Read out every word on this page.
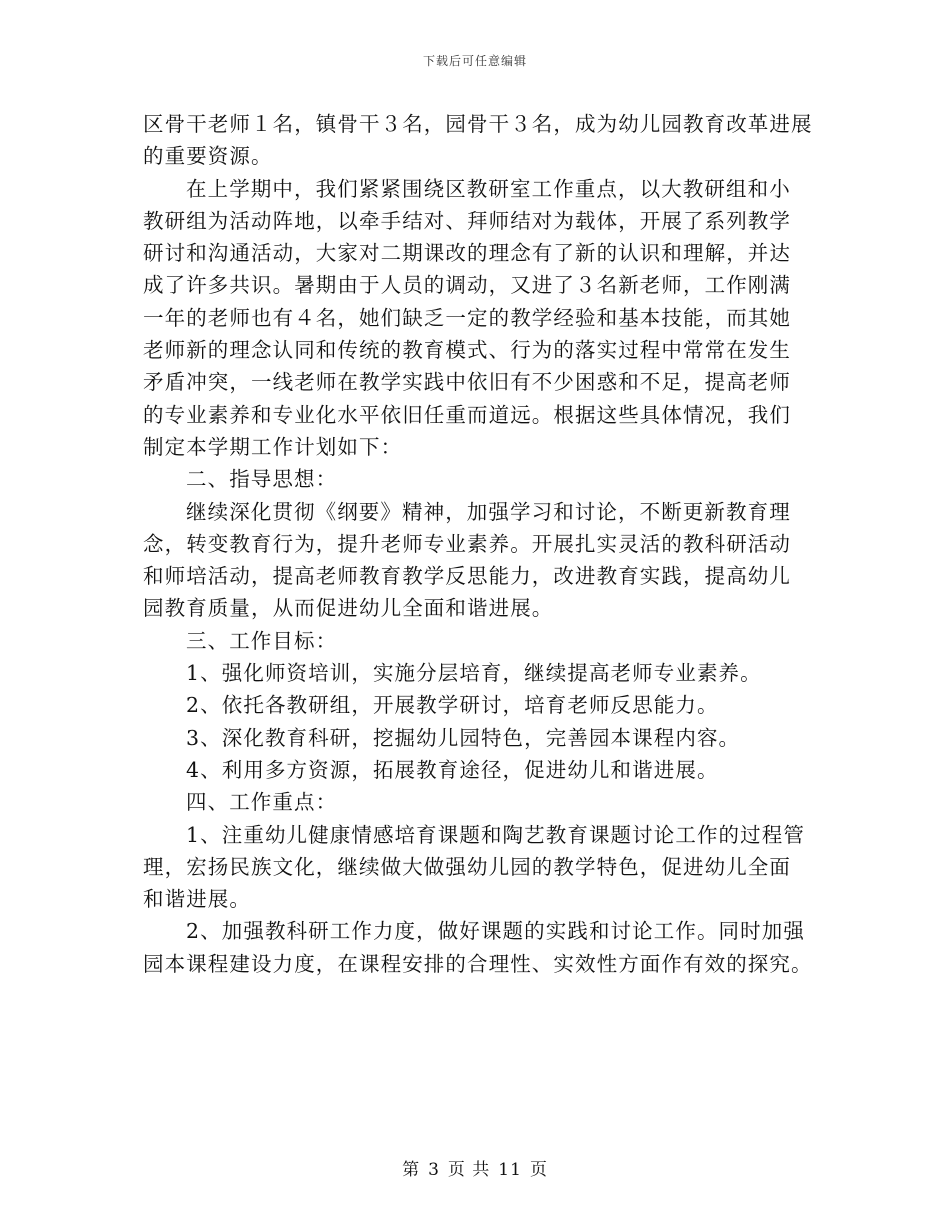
下载后可任意编辑

区骨干老师１名，镇骨干３名，园骨干３名，成为幼儿园教育改革进展
的重要资源。

在上学期中，我们紧紧围绕区教研室工作重点，以大教研组和小
教研组为活动阵地，以牵手结对、拜师结对为载体，开展了系列教学
研讨和沟通活动，大家对二期课改的理念有了新的认识和理解，并达
成了许多共识。暑期由于人员的调动，又进了３名新老师，工作刚满
一年的老师也有４名，她们缺乏一定的教学经验和基本技能，而其她
老师新的理念认同和传统的教育模式、行为的落实过程中常常在发生
矛盾冲突，一线老师在教学实践中依旧有不少困惑和不足，提高老师
的专业素养和专业化水平依旧任重而道远。根据这些具体情况，我们
制定本学期工作计划如下：

二、指导思想：

继续深化贯彻《纲要》精神，加强学习和讨论，不断更新教育理
念，转变教育行为，提升老师专业素养。开展扎实灵活的教科研活动
和师培活动，提高老师教育教学反思能力，改进教育实践，提高幼儿
园教育质量，从而促进幼儿全面和谐进展。

三、工作目标：

1、强化师资培训，实施分层培育，继续提高老师专业素养。

2、依托各教研组，开展教学研讨，培育老师反思能力。

3、深化教育科研，挖掘幼儿园特色，完善园本课程内容。

4、利用多方资源，拓展教育途径，促进幼儿和谐进展。

四、工作重点：

1、注重幼儿健康情感培育课题和陶艺教育课题讨论工作的过程管
理，宏扬民族文化，继续做大做强幼儿园的教学特色，促进幼儿全面
和谐进展。

2、加强教科研工作力度，做好课题的实践和讨论工作。同时加强
园本课程建设力度，在课程安排的合理性、实效性方面作有效的探究。

第 3 页 共 11 页
